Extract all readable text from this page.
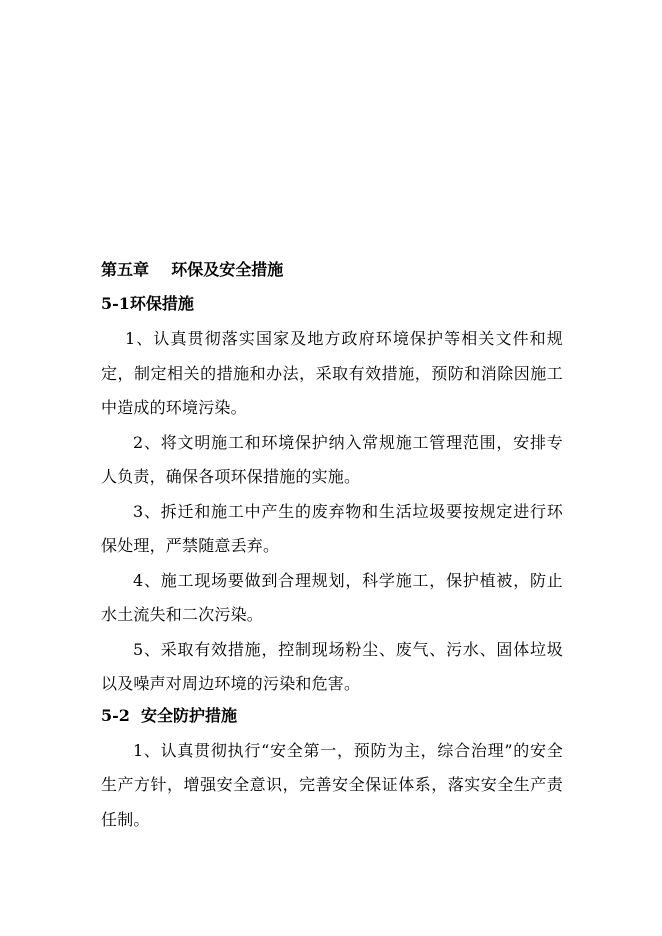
第五章    环保及安全措施
5-1环保措施

1、认真贯彻落实国家及地方政府环境保护等相关文件和规定，制定相关的措施和办法，采取有效措施，预防和消除因施工中造成的环境污染。

2、将文明施工和环境保护纳入常规施工管理范围，安排专人负责，确保各项环保措施的实施。

3、拆迁和施工中产生的废弃物和生活垃圾要按规定进行环保处理，严禁随意丢弃。

4、施工现场要做到合理规划，科学施工，保护植被，防止水土流失和二次污染。

5、采取有效措施，控制现场粉尘、废气、污水、固体垃圾以及噪声对周边环境的污染和危害。

5-2  安全防护措施

1、认真贯彻执行“安全第一，预防为主，综合治理”的安全生产方针，增强安全意识，完善安全保证体系，落实安全生产责任制。
